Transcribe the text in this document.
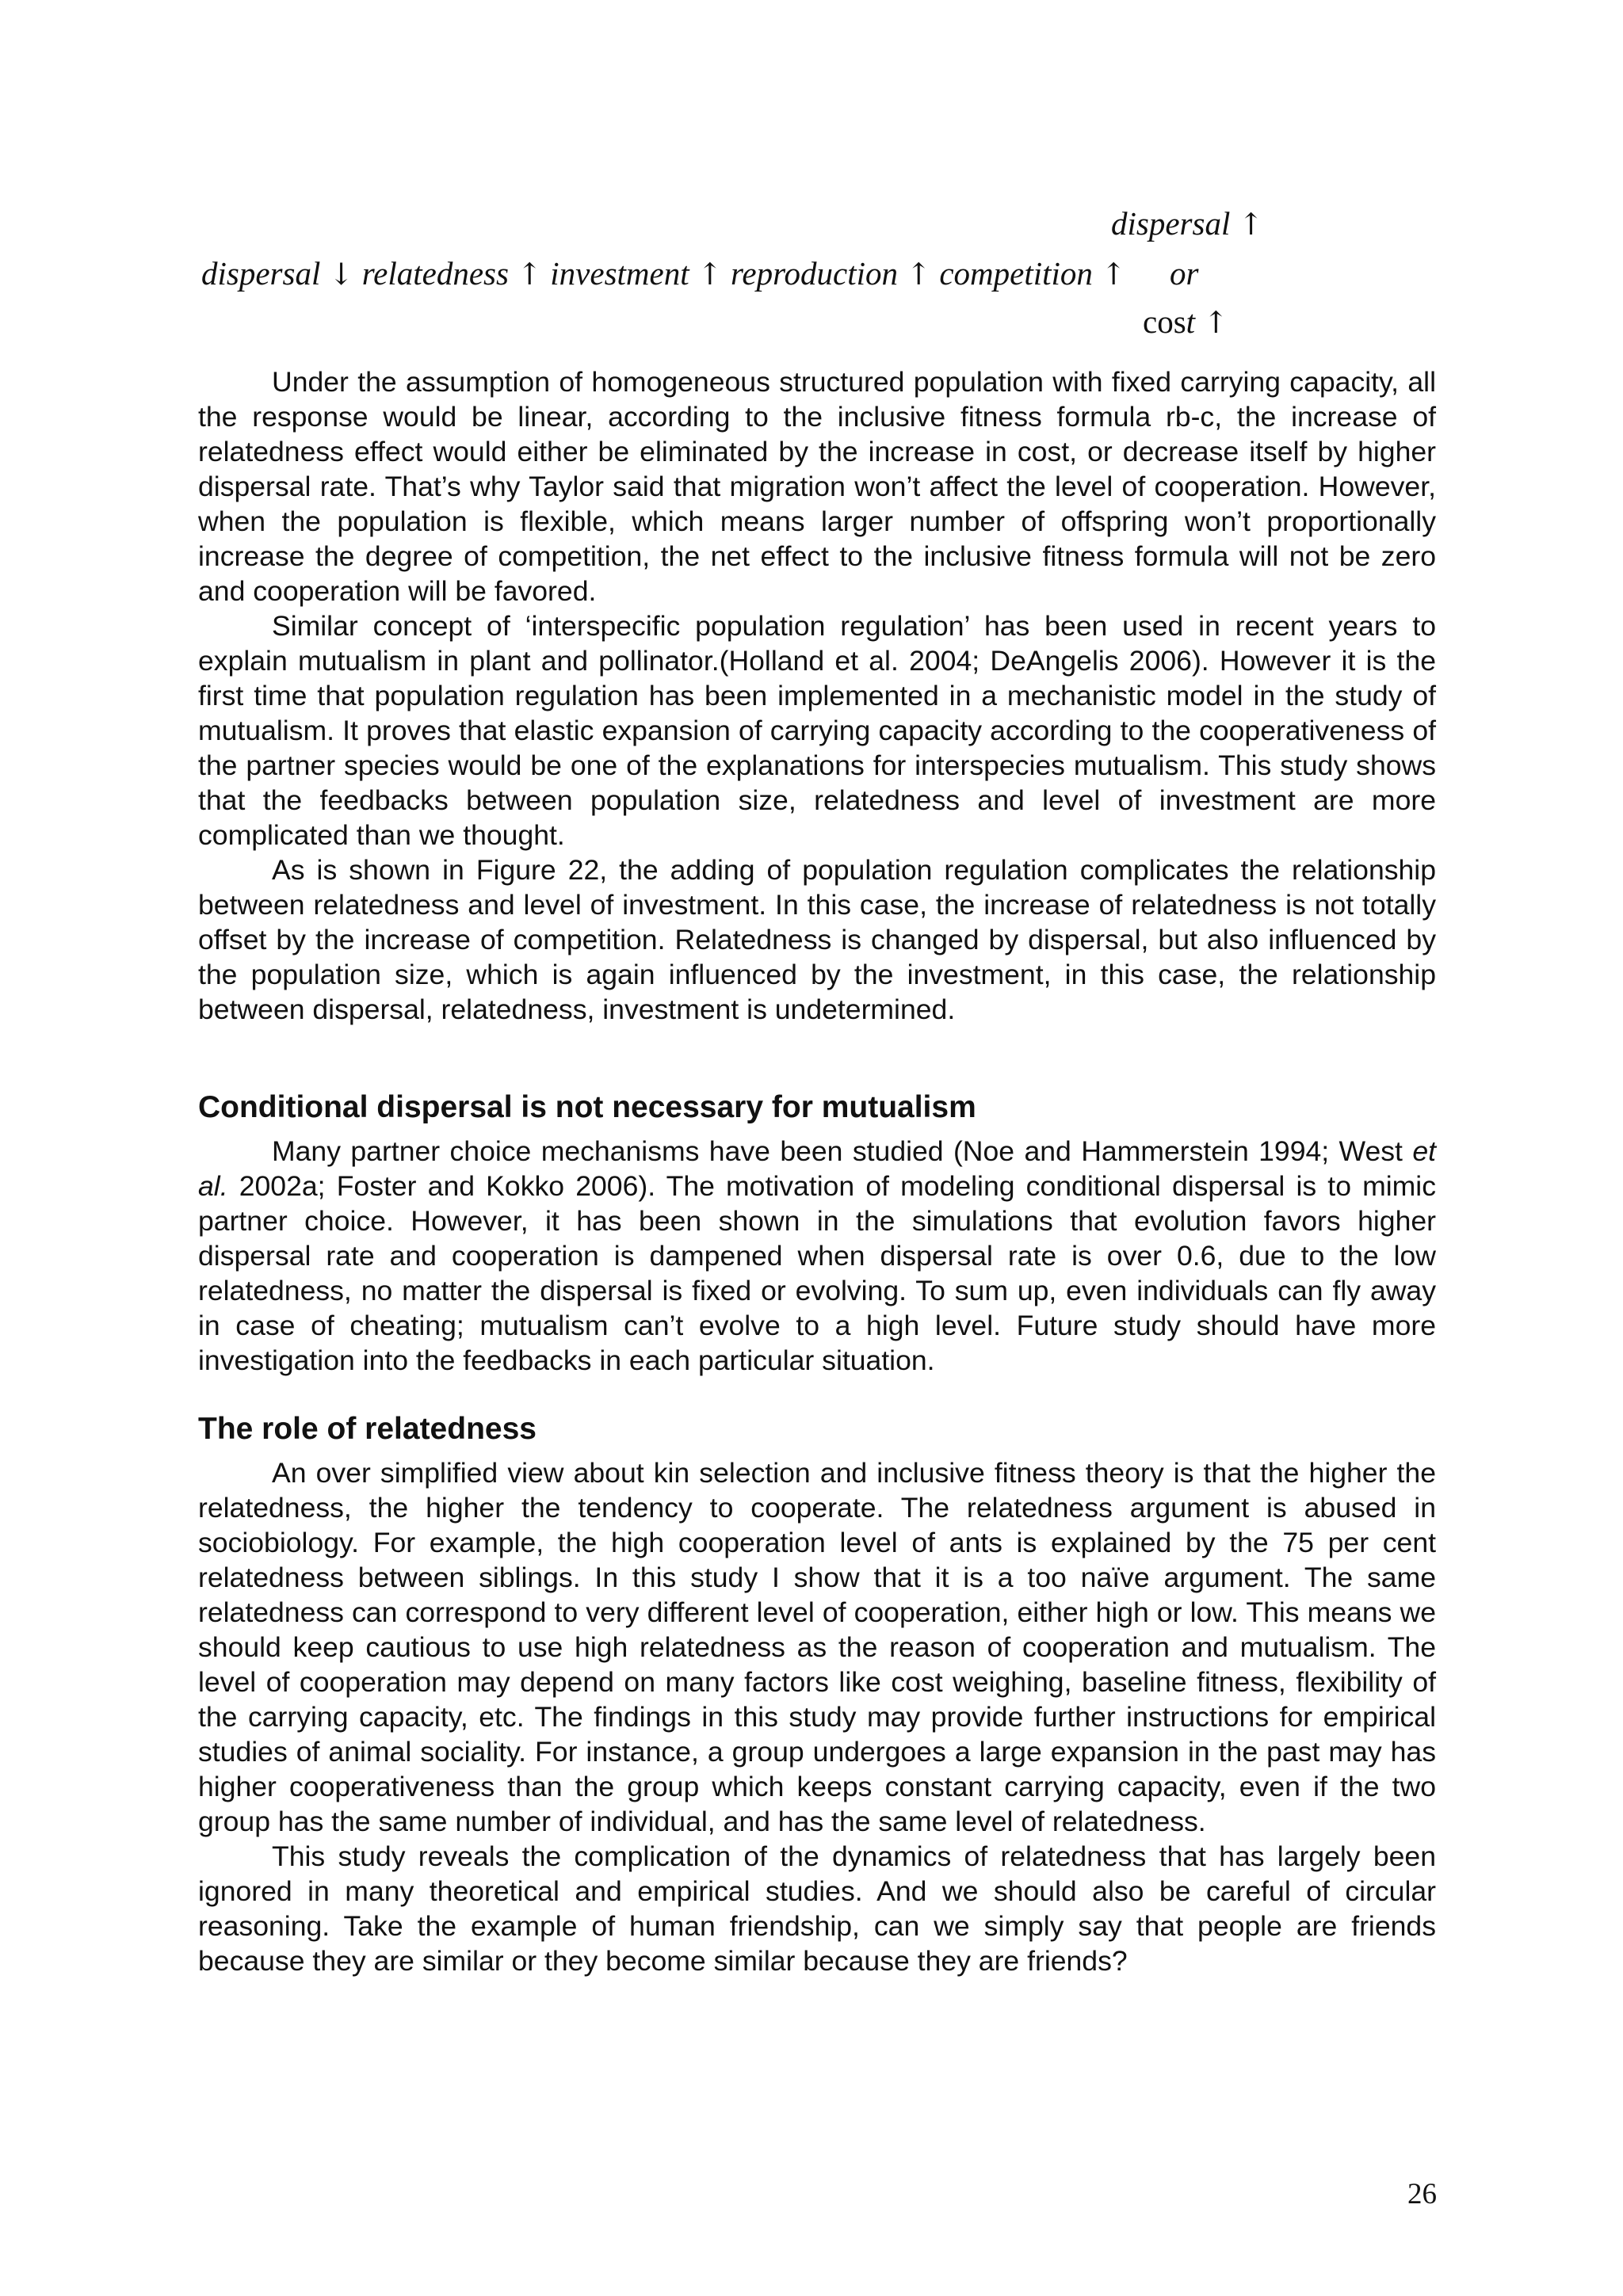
dispersal ↑
dispersal ↓ relatedness ↑ investment ↑ reproduction ↑ competition ↑ or
cost ↑

Under the assumption of homogeneous structured population with fixed carrying capacity, all the response would be linear, according to the inclusive fitness formula rb-c, the increase of relatedness effect would either be eliminated by the increase in cost, or decrease itself by higher dispersal rate. That’s why Taylor said that migration won’t affect the level of cooperation. However, when the population is flexible, which means larger number of offspring won’t proportionally increase the degree of competition, the net effect to the inclusive fitness formula will not be zero and cooperation will be favored.

Similar concept of ‘interspecific population regulation’ has been used in recent years to explain mutualism in plant and pollinator.(Holland et al. 2004; DeAngelis 2006). However it is the first time that population regulation has been implemented in a mechanistic model in the study of mutualism. It proves that elastic expansion of carrying capacity according to the cooperativeness of the partner species would be one of the explanations for interspecies mutualism. This study shows that the feedbacks between population size, relatedness and level of investment are more complicated than we thought.

As is shown in Figure 22, the adding of population regulation complicates the relationship between relatedness and level of investment. In this case, the increase of relatedness is not totally offset by the increase of competition. Relatedness is changed by dispersal, but also influenced by the population size, which is again influenced by the investment, in this case, the relationship between dispersal, relatedness, investment is undetermined.

Conditional dispersal is not necessary for mutualism

Many partner choice mechanisms have been studied (Noe and Hammerstein 1994; West et al. 2002a; Foster and Kokko 2006). The motivation of modeling conditional dispersal is to mimic partner choice. However, it has been shown in the simulations that evolution favors higher dispersal rate and cooperation is dampened when dispersal rate is over 0.6, due to the low relatedness, no matter the dispersal is fixed or evolving. To sum up, even individuals can fly away in case of cheating; mutualism can’t evolve to a high level. Future study should have more investigation into the feedbacks in each particular situation.

The role of relatedness

An over simplified view about kin selection and inclusive fitness theory is that the higher the relatedness, the higher the tendency to cooperate. The relatedness argument is abused in sociobiology. For example, the high cooperation level of ants is explained by the 75 per cent relatedness between siblings. In this study I show that it is a too naïve argument. The same relatedness can correspond to very different level of cooperation, either high or low. This means we should keep cautious to use high relatedness as the reason of cooperation and mutualism. The level of cooperation may depend on many factors like cost weighing, baseline fitness, flexibility of the carrying capacity, etc. The findings in this study may provide further instructions for empirical studies of animal sociality. For instance, a group undergoes a large expansion in the past may has higher cooperativeness than the group which keeps constant carrying capacity, even if the two group has the same number of individual, and has the same level of relatedness.

This study reveals the complication of the dynamics of relatedness that has largely been ignored in many theoretical and empirical studies. And we should also be careful of circular reasoning. Take the example of human friendship, can we simply say that people are friends because they are similar or they become similar because they are friends?

26
